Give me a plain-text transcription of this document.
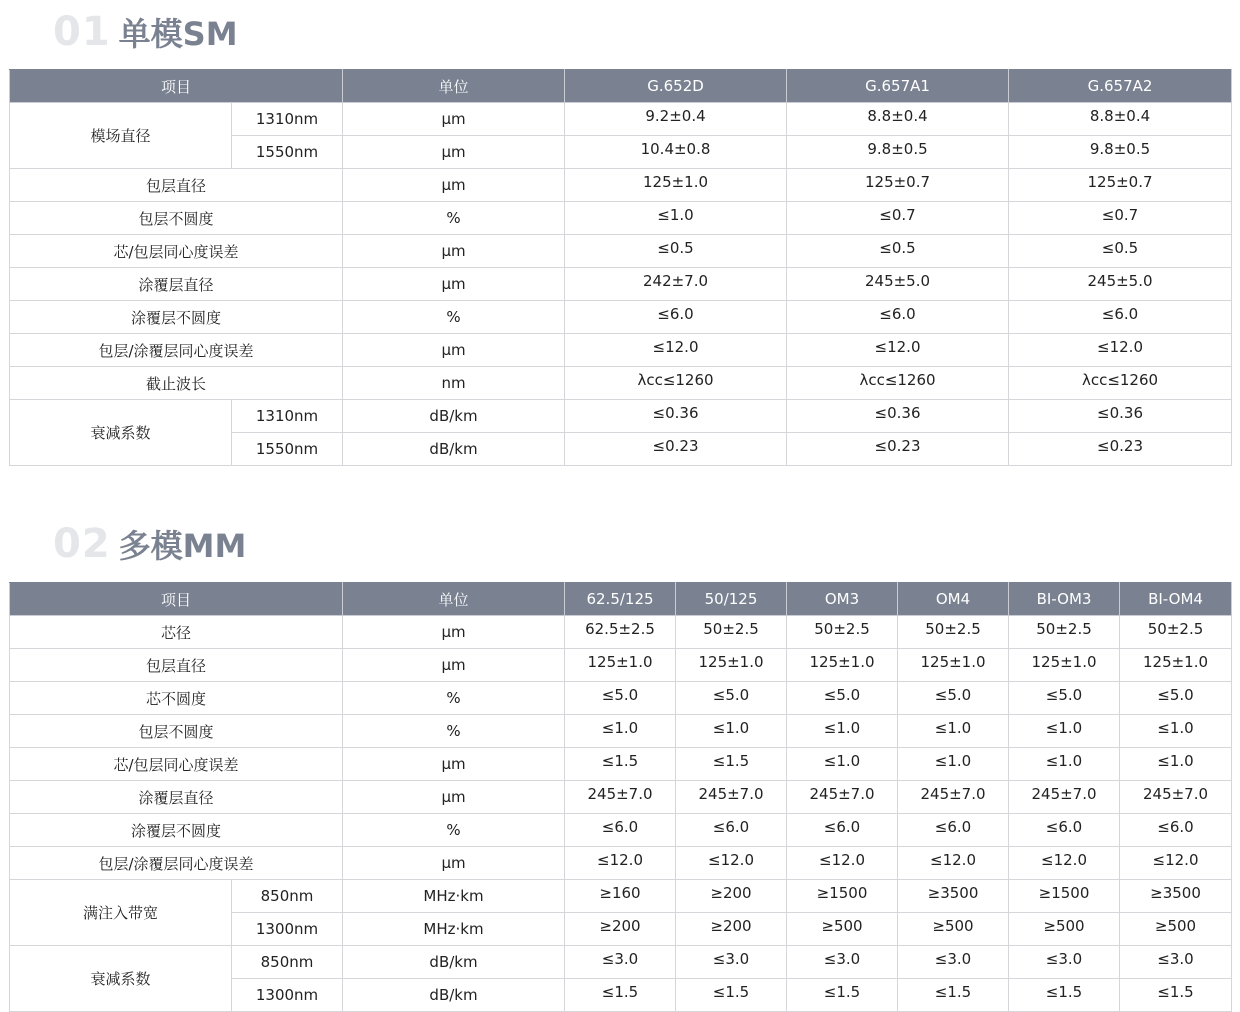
01 单模SM
项目		单位	G.652D	G.657A1	G.657A2
模场直径	1310nm	μm	9.2±0.4	8.8±0.4	8.8±0.4
	1550nm	μm	10.4±0.8	9.8±0.5	9.8±0.5
包层直径		μm	125±1.0	125±0.7	125±0.7
包层不圆度		%	≤1.0	≤0.7	≤0.7
芯/包层同心度误差		μm	≤0.5	≤0.5	≤0.5
涂覆层直径		μm	242±7.0	245±5.0	245±5.0
涂覆层不圆度		%	≤6.0	≤6.0	≤6.0
包层/涂覆层同心度误差		μm	≤12.0	≤12.0	≤12.0
截止波长		nm	λcc≤1260	λcc≤1260	λcc≤1260
衰减系数	1310nm	dB/km	≤0.36	≤0.36	≤0.36
	1550nm	dB/km	≤0.23	≤0.23	≤0.23
02 多模MM
项目		单位	62.5/125	50/125	OM3	OM4	BI-OM3	BI-OM4
芯径		μm	62.5±2.5	50±2.5	50±2.5	50±2.5	50±2.5	50±2.5
包层直径		μm	125±1.0	125±1.0	125±1.0	125±1.0	125±1.0	125±1.0
芯不圆度		%	≤5.0	≤5.0	≤5.0	≤5.0	≤5.0	≤5.0
包层不圆度		%	≤1.0	≤1.0	≤1.0	≤1.0	≤1.0	≤1.0
芯/包层同心度误差		μm	≤1.5	≤1.5	≤1.0	≤1.0	≤1.0	≤1.0
涂覆层直径		μm	245±7.0	245±7.0	245±7.0	245±7.0	245±7.0	245±7.0
涂覆层不圆度		%	≤6.0	≤6.0	≤6.0	≤6.0	≤6.0	≤6.0
包层/涂覆层同心度误差		μm	≤12.0	≤12.0	≤12.0	≤12.0	≤12.0	≤12.0
满注入带宽	850nm	MHz·km	≥160	≥200	≥1500	≥3500	≥1500	≥3500
	1300nm	MHz·km	≥200	≥200	≥500	≥500	≥500	≥500
衰减系数	850nm	dB/km	≤3.0	≤3.0	≤3.0	≤3.0	≤3.0	≤3.0
	1300nm	dB/km	≤1.5	≤1.5	≤1.5	≤1.5	≤1.5	≤1.5
